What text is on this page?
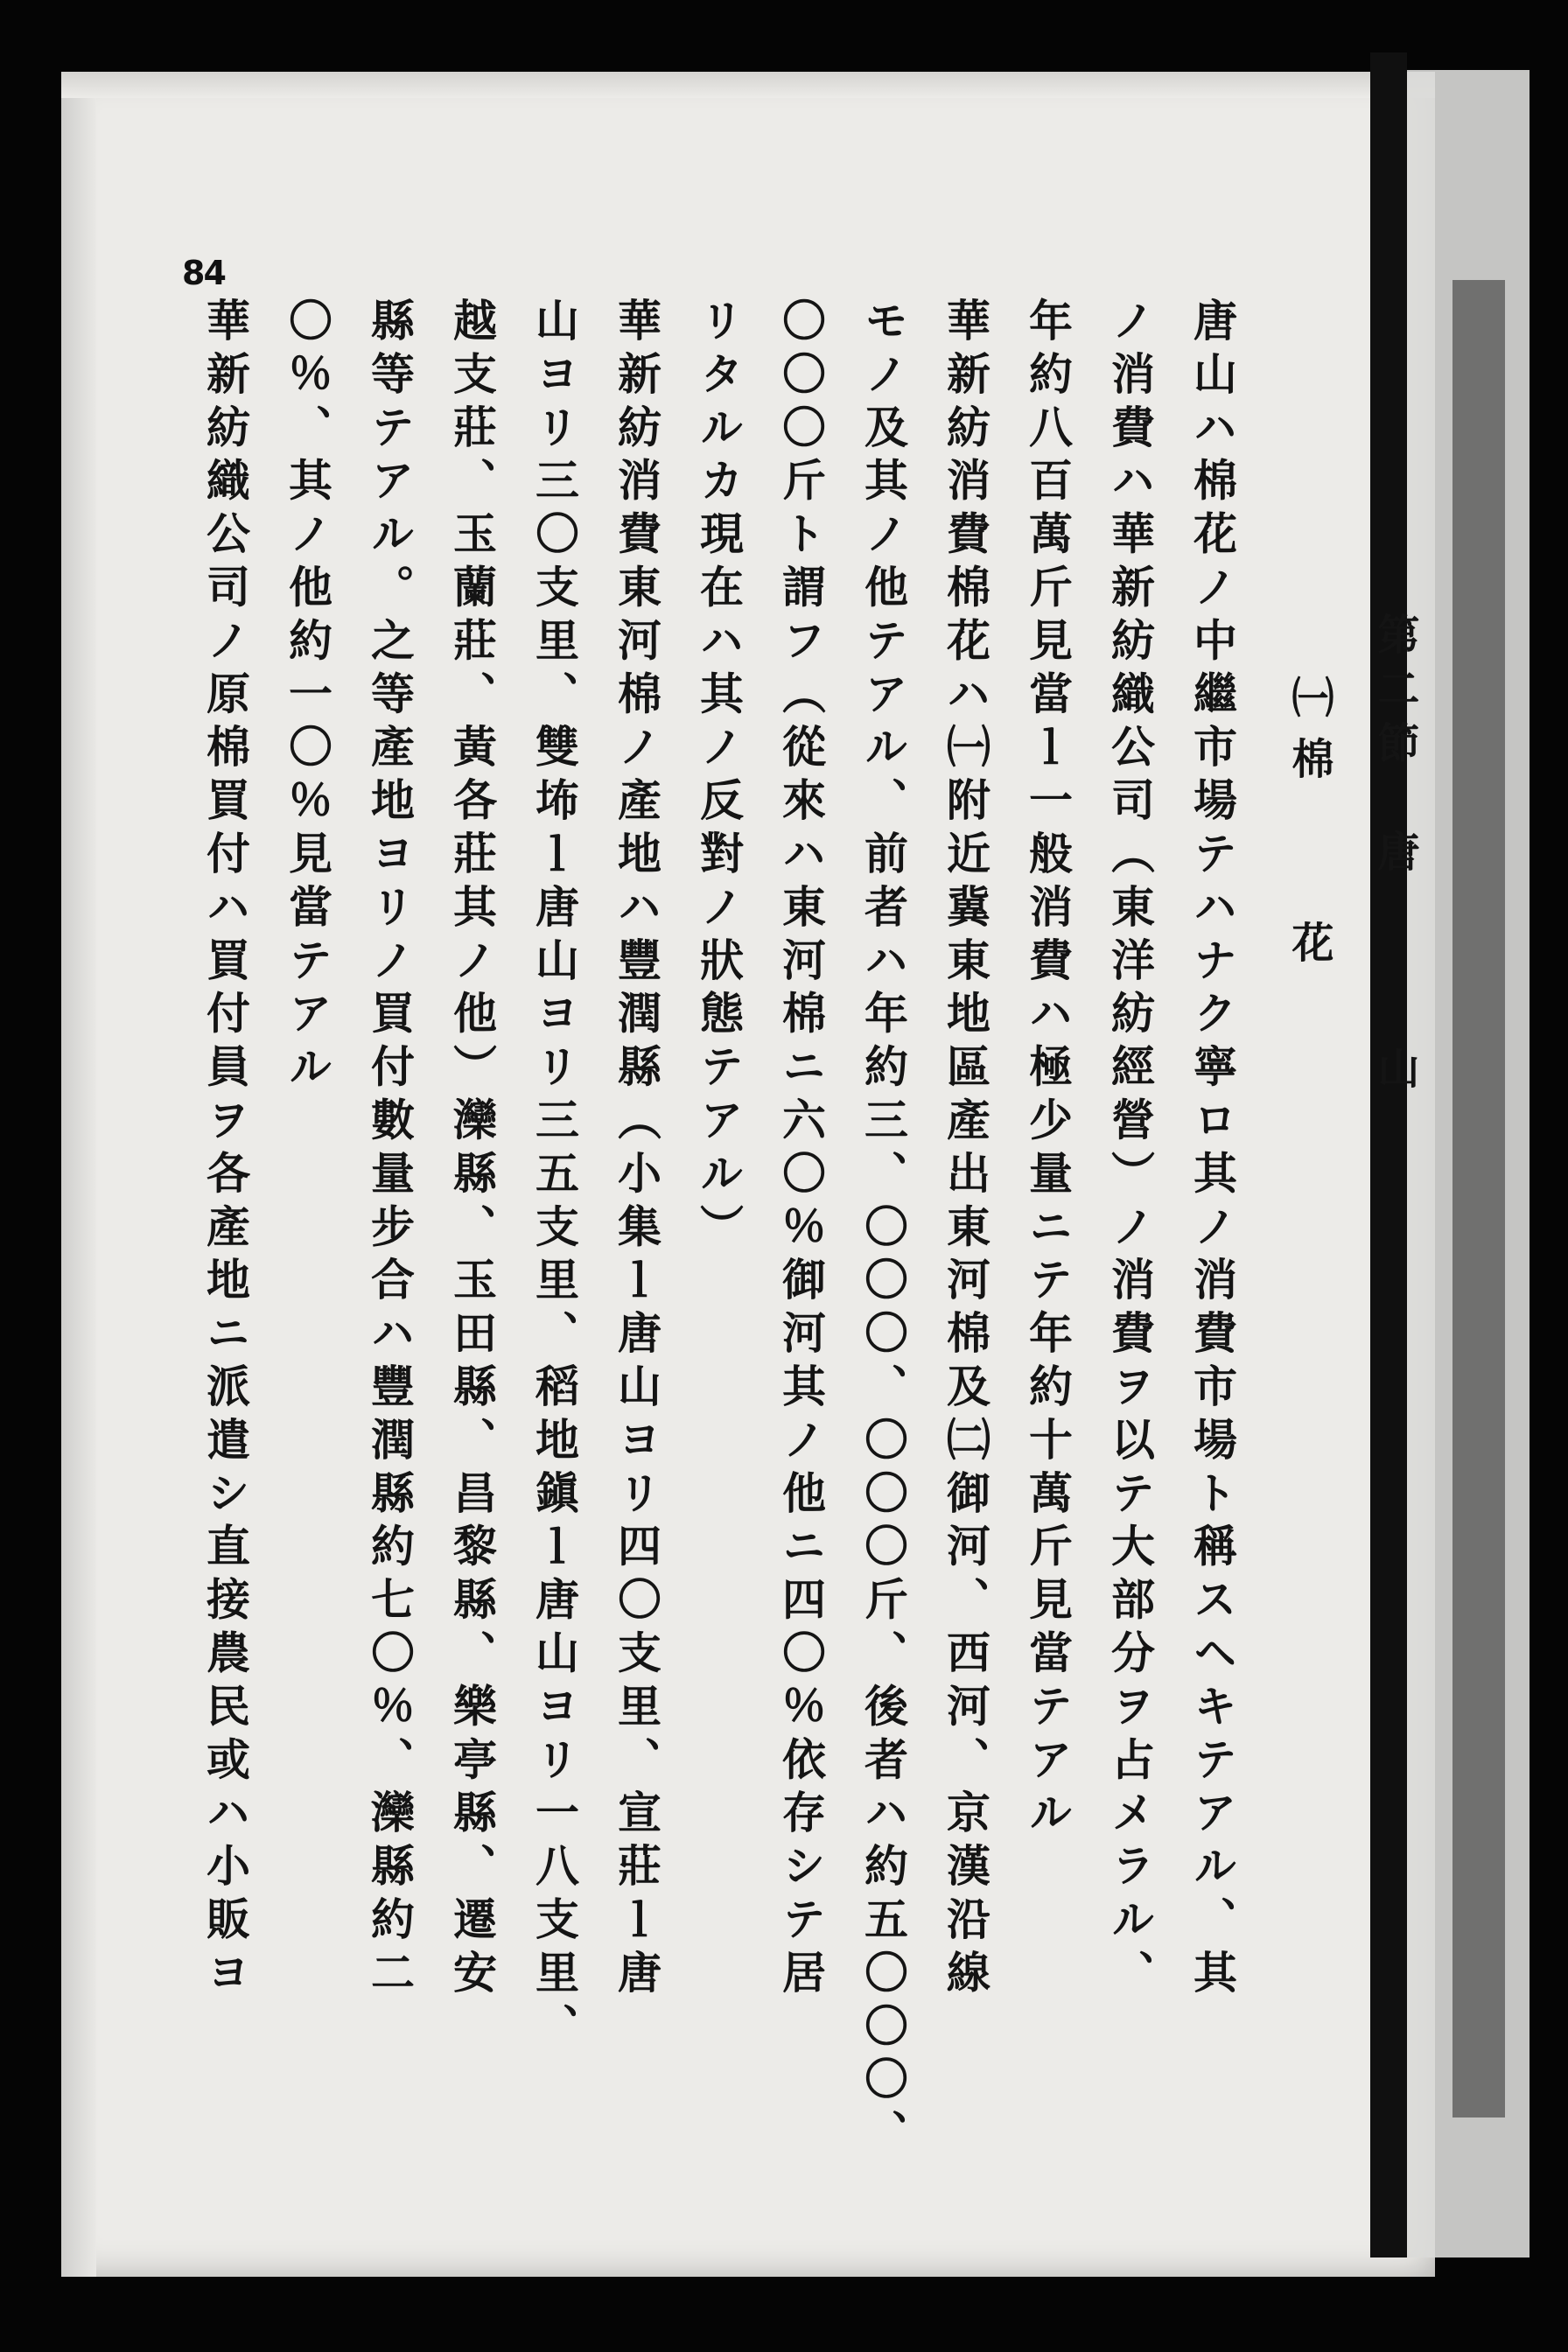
84
第二節　唐　　　山
㈠棉　　花
唐山ハ棉花ノ中繼市場テハナク寧ロ其ノ消費市場ト稱スヘキテアル、其
ノ消費ハ華新紡織公司（東洋紡經營）ノ消費ヲ以テ大部分ヲ占メラル、
年約八百萬斤見當ｌ一般消費ハ極少量ニテ年約十萬斤見當テアル
華新紡消費棉花ハ㈠附近冀東地區產出東河棉及㈡御河、西河、京漢沿線
モノ及其ノ他テアル、前者ハ年約三、〇〇〇、〇〇〇斤、後者ハ約五〇〇〇、
〇〇〇斤ト謂フ（從來ハ東河棉ニ六〇％御河其ノ他ニ四〇％依存シテ居
リタルカ現在ハ其ノ反對ノ狀態テアル）
華新紡消費東河棉ノ產地ハ豐潤縣（小集ｌ唐山ヨリ四〇支里、宣莊ｌ唐
山ヨリ三〇支里、雙㘵ｌ唐山ヨリ三五支里、稻地鎭ｌ唐山ヨリ一八支里、
越支莊、玉蘭莊、黃各莊其ノ他）灤縣、玉田縣、昌黎縣、樂亭縣、遷安
縣等テアル。之等產地ヨリノ買付數量步合ハ豐潤縣約七〇％、灤縣約二
〇％、其ノ他約一〇％見當テアル
華新紡織公司ノ原棉買付ハ買付員ヲ各產地ニ派遣シ直接農民或ハ小販ヨ
